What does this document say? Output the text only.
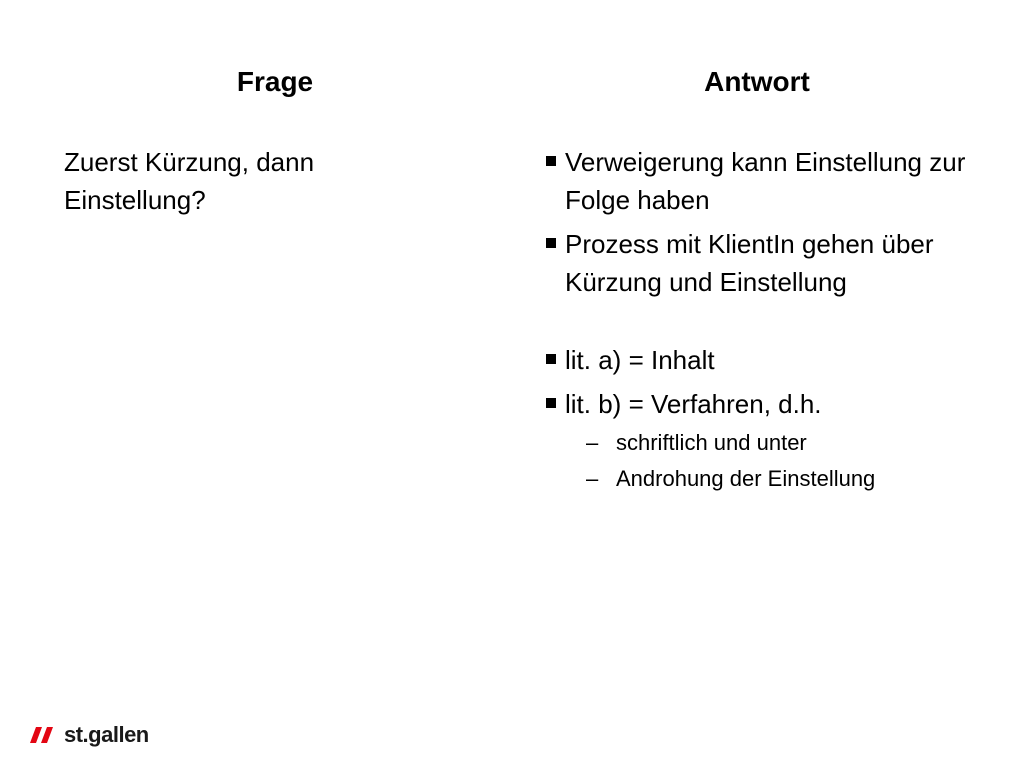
Frage	Antwort
Zuerst Kürzung, dann Einstellung?
Verweigerung kann Einstellung zur Folge haben
Prozess mit KlientIn gehen über Kürzung und Einstellung
lit. a) = Inhalt
lit. b) = Verfahren, d.h.
– schriftlich und unter
– Androhung der Einstellung
st.gallen
